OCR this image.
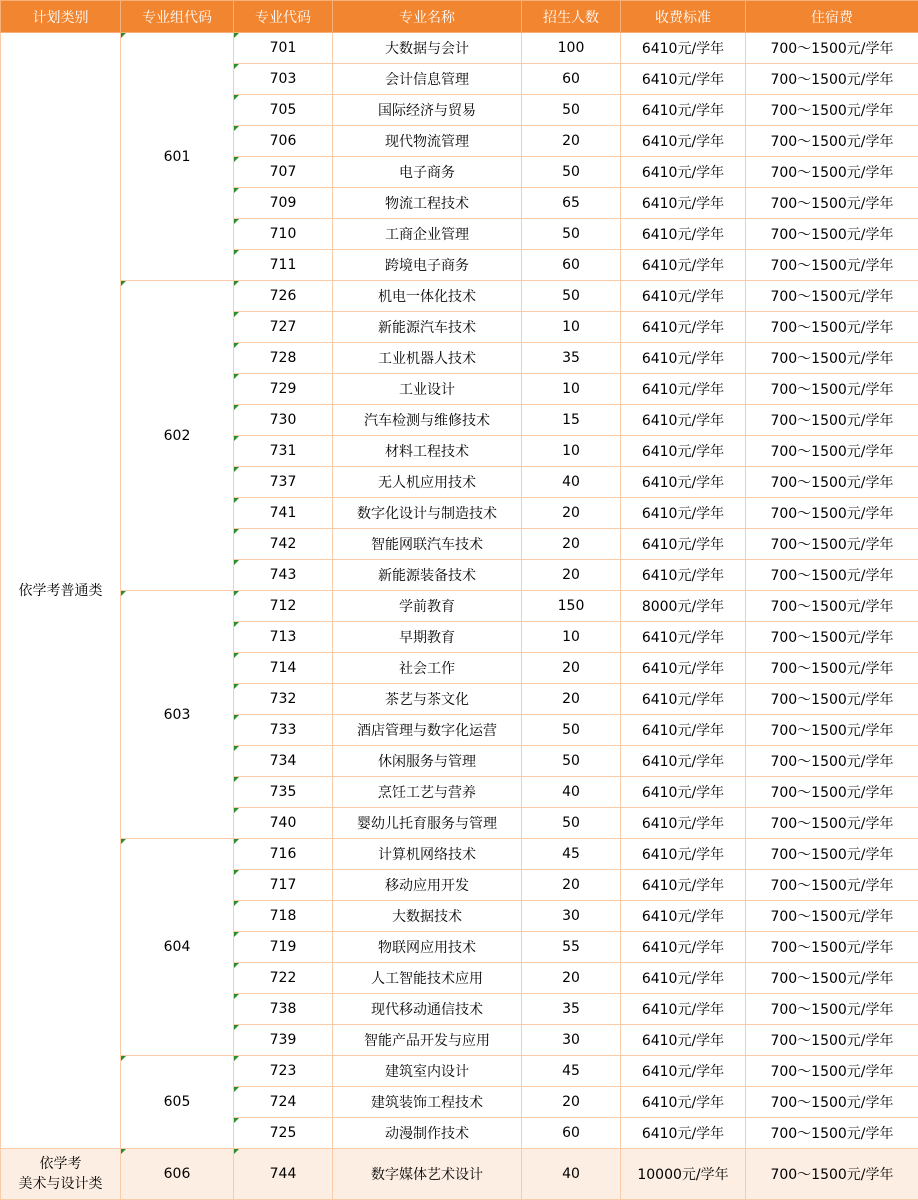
计划类别	专业组代码	专业代码	专业名称	招生人数	收费标准	住宿费

依学考普通类	601	701	大数据与会计	100	6410元/学年	700～1500元/学年

703	会计信息管理	60	6410元/学年	700～1500元/学年

705	国际经济与贸易	50	6410元/学年	700～1500元/学年

706	现代物流管理	20	6410元/学年	700～1500元/学年

707	电子商务	50	6410元/学年	700～1500元/学年

709	物流工程技术	65	6410元/学年	700～1500元/学年

710	工商企业管理	50	6410元/学年	700～1500元/学年

711	跨境电子商务	60	6410元/学年	700～1500元/学年

602	726	机电一体化技术	50	6410元/学年	700～1500元/学年

727	新能源汽车技术	10	6410元/学年	700～1500元/学年

728	工业机器人技术	35	6410元/学年	700～1500元/学年

729	工业设计	10	6410元/学年	700～1500元/学年

730	汽车检测与维修技术	15	6410元/学年	700～1500元/学年

731	材料工程技术	10	6410元/学年	700～1500元/学年

737	无人机应用技术	40	6410元/学年	700～1500元/学年

741	数字化设计与制造技术	20	6410元/学年	700～1500元/学年

742	智能网联汽车技术	20	6410元/学年	700～1500元/学年

743	新能源装备技术	20	6410元/学年	700～1500元/学年

603	712	学前教育	150	8000元/学年	700～1500元/学年

713	早期教育	10	6410元/学年	700～1500元/学年

714	社会工作	20	6410元/学年	700～1500元/学年

732	茶艺与茶文化	20	6410元/学年	700～1500元/学年

733	酒店管理与数字化运营	50	6410元/学年	700～1500元/学年

734	休闲服务与管理	50	6410元/学年	700～1500元/学年

735	烹饪工艺与营养	40	6410元/学年	700～1500元/学年

740	婴幼儿托育服务与管理	50	6410元/学年	700～1500元/学年

604	716	计算机网络技术	45	6410元/学年	700～1500元/学年

717	移动应用开发	20	6410元/学年	700～1500元/学年

718	大数据技术	30	6410元/学年	700～1500元/学年

719	物联网应用技术	55	6410元/学年	700～1500元/学年

722	人工智能技术应用	20	6410元/学年	700～1500元/学年

738	现代移动通信技术	35	6410元/学年	700～1500元/学年

739	智能产品开发与应用	30	6410元/学年	700～1500元/学年

605	723	建筑室内设计	45	6410元/学年	700～1500元/学年

724	建筑装饰工程技术	20	6410元/学年	700～1500元/学年

725	动漫制作技术	60	6410元/学年	700～1500元/学年

依学考
美术与设计类	606	744	数字媒体艺术设计	40	10000元/学年	700～1500元/学年
